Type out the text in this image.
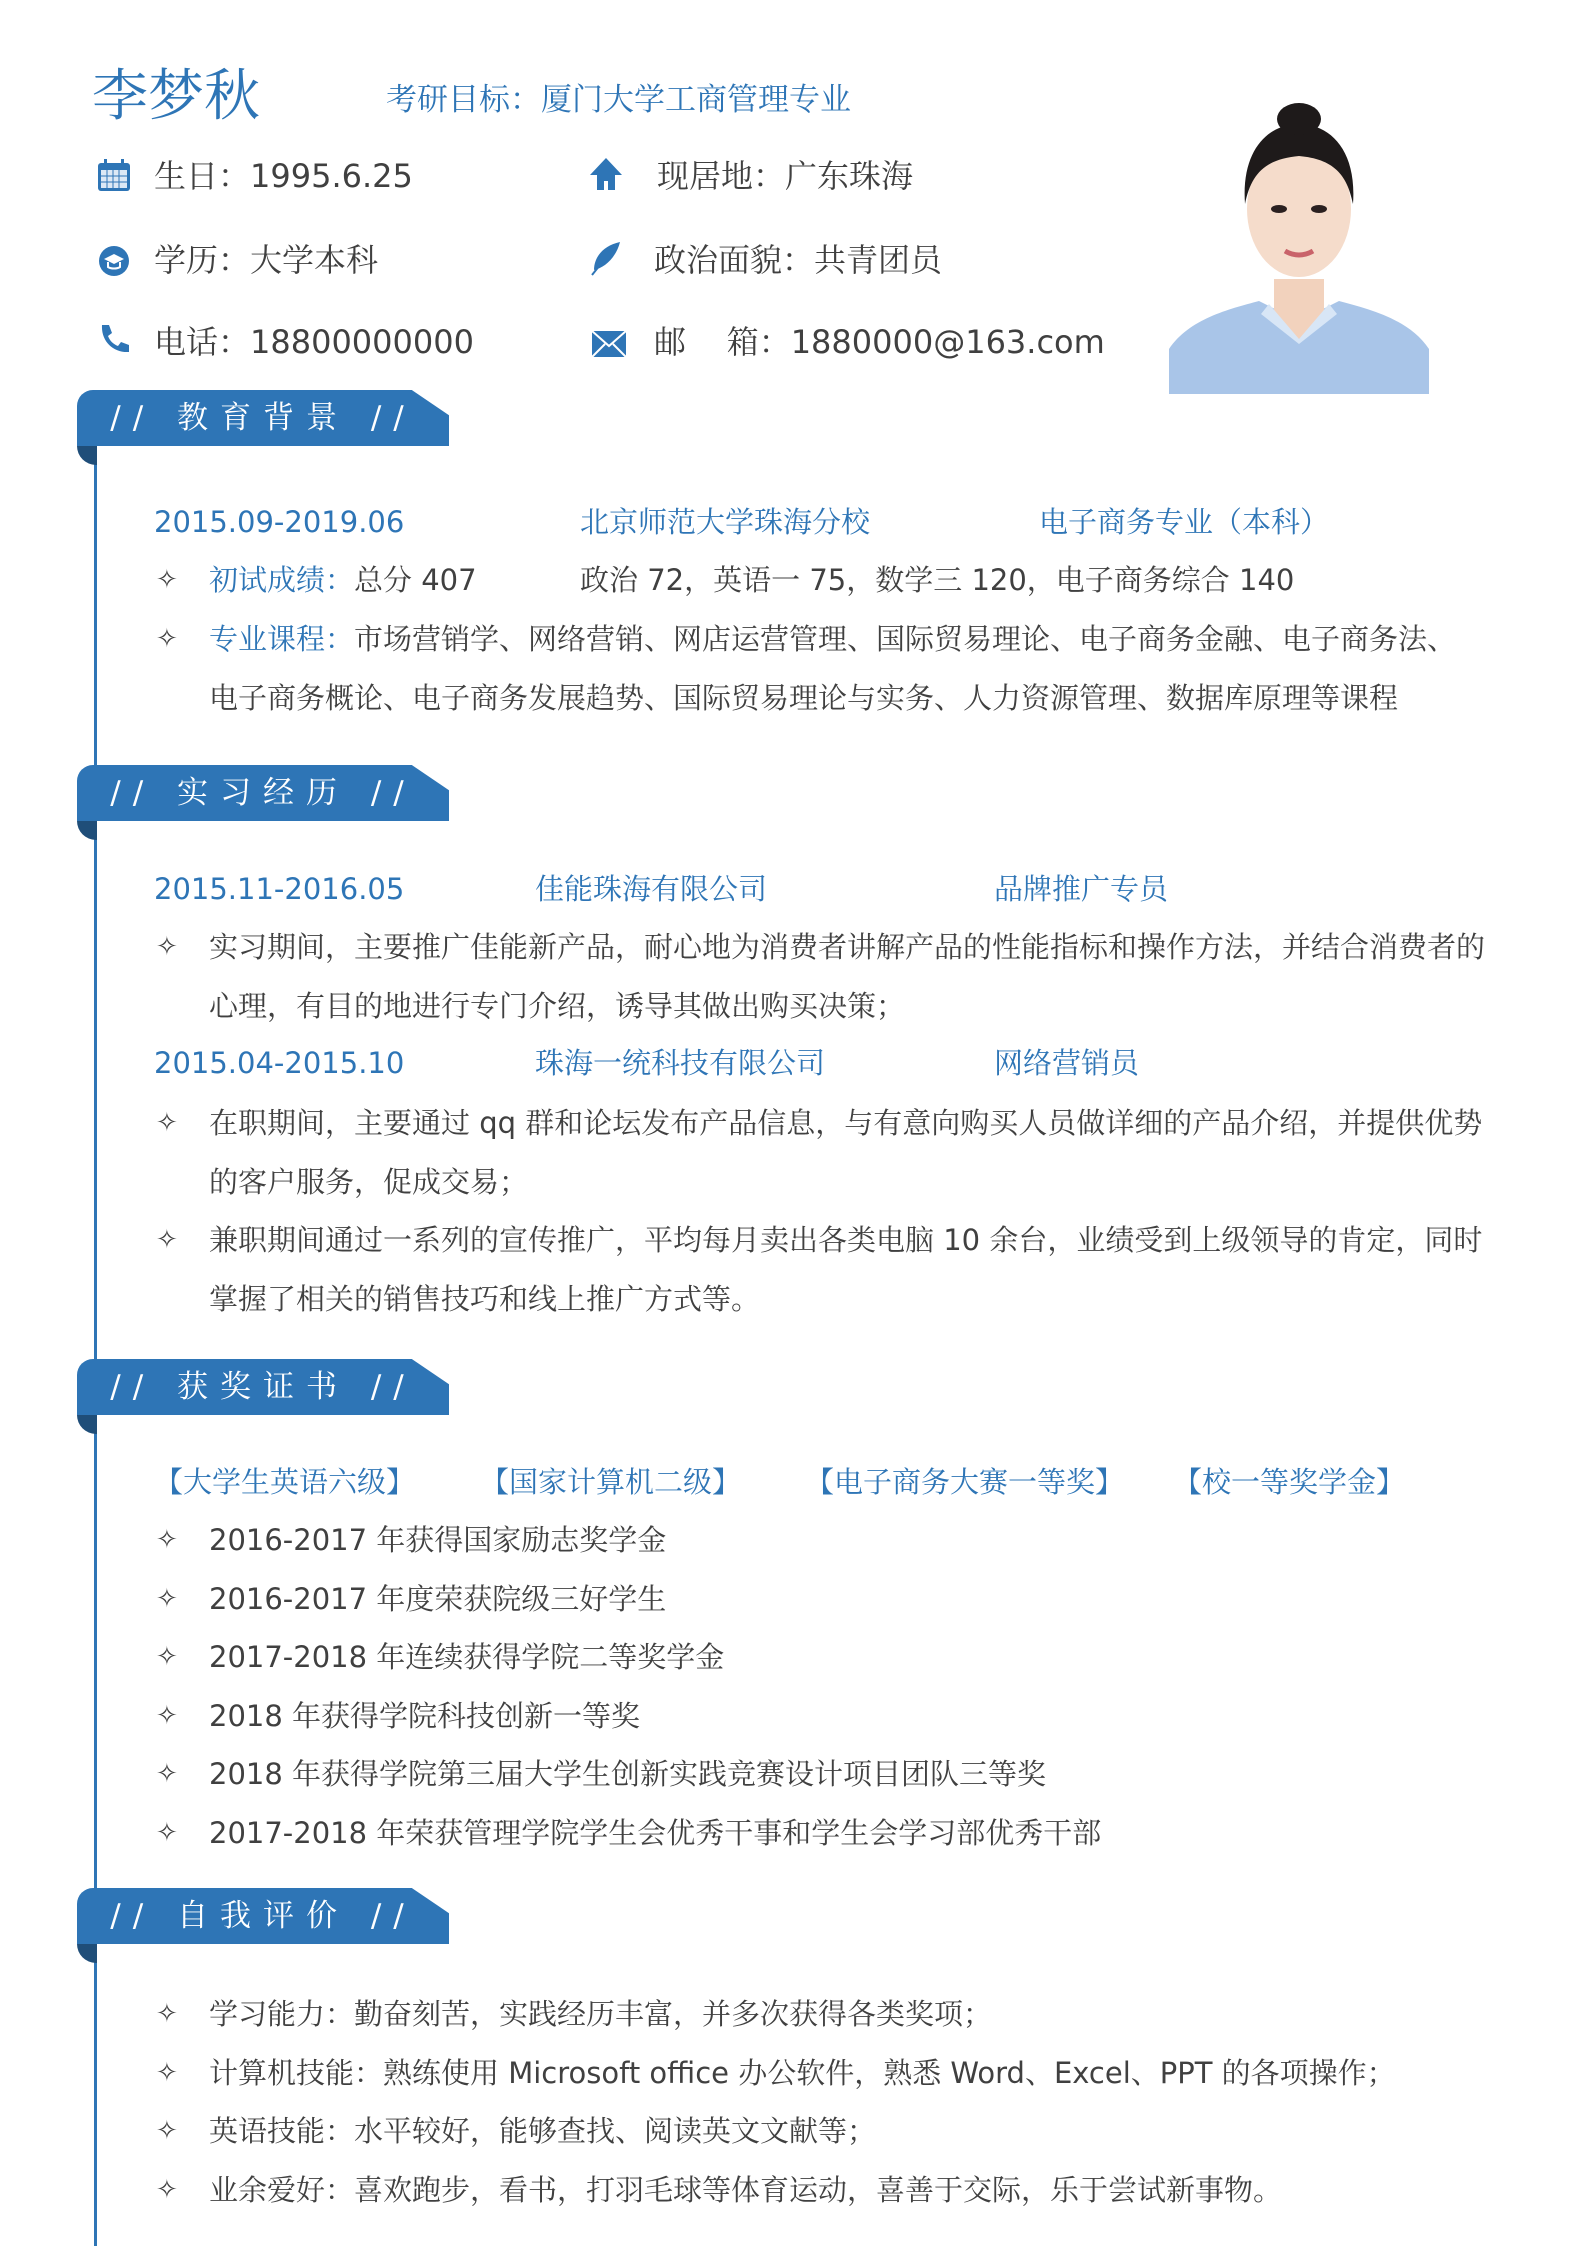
李梦秋	考研目标：厦门大学工商管理专业
生日：1995.6.25	现居地：广东珠海
学历：大学本科	政治面貌：共青团员
电话：18800000000	邮    箱：1880000@163.com
// 教育背景 //
2015.09-2019.06	北京师范大学珠海分校	电子商务专业（本科）
✧ 初试成绩：总分 407	政治 72，英语一 75，数学三 120，电子商务综合 140
✧ 专业课程：市场营销学、网络营销、网店运营管理、国际贸易理论、电子商务金融、电子商务法、
电子商务概论、电子商务发展趋势、国际贸易理论与实务、人力资源管理、数据库原理等课程
// 实习经历 //
2015.11-2016.05	佳能珠海有限公司	品牌推广专员
✧ 实习期间，主要推广佳能新产品，耐心地为消费者讲解产品的性能指标和操作方法，并结合消费者的
心理，有目的地进行专门介绍，诱导其做出购买决策；
2015.04-2015.10	珠海一统科技有限公司	网络营销员
✧ 在职期间，主要通过 qq 群和论坛发布产品信息，与有意向购买人员做详细的产品介绍，并提供优势
的客户服务，促成交易；
✧ 兼职期间通过一系列的宣传推广，平均每月卖出各类电脑 10 余台，业绩受到上级领导的肯定，同时
掌握了相关的销售技巧和线上推广方式等。
// 获奖证书 //
【大学生英语六级】 【国家计算机二级】 【电子商务大赛一等奖】 【校一等奖学金】
✧ 2016-2017 年获得国家励志奖学金
✧ 2016-2017 年度荣获院级三好学生
✧ 2017-2018 年连续获得学院二等奖学金
✧ 2018 年获得学院科技创新一等奖
✧ 2018 年获得学院第三届大学生创新实践竞赛设计项目团队三等奖
✧ 2017-2018 年荣获管理学院学生会优秀干事和学生会学习部优秀干部
// 自我评价 //
✧ 学习能力：勤奋刻苦，实践经历丰富，并多次获得各类奖项；
✧ 计算机技能：熟练使用 Microsoft office 办公软件，熟悉 Word、Excel、PPT 的各项操作；
✧ 英语技能：水平较好，能够查找、阅读英文文献等；
✧ 业余爱好：喜欢跑步，看书，打羽毛球等体育运动，喜善于交际，乐于尝试新事物。
